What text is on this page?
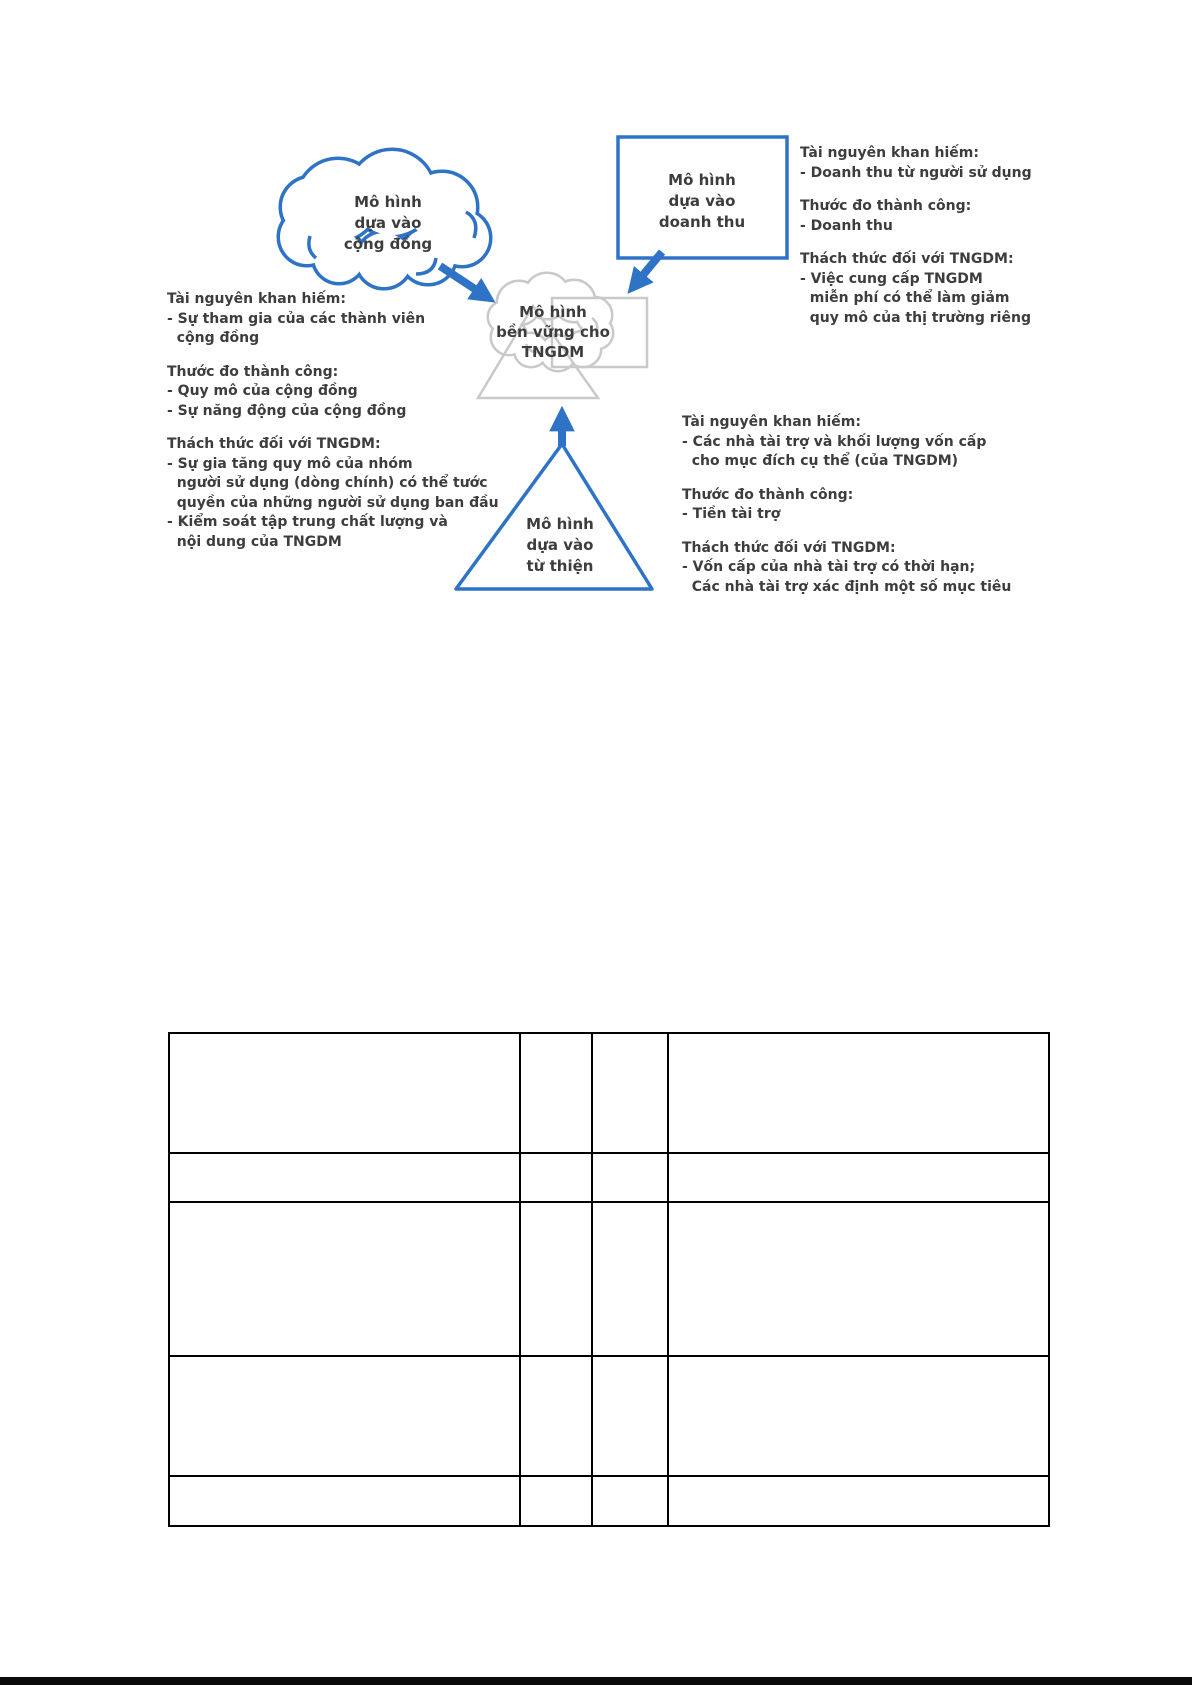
Mô hình
dựa vào
cộng đồng
Mô hình
dựa vào
doanh thu
Mô hình
bền vững cho
TNGDM
Mô hình
dựa vào
từ thiện
Tài nguyên khan hiếm:
- Sự tham gia của các thành viên
cộng đồng
Thước đo thành công:
- Quy mô của cộng đồng
- Sự năng động của cộng đồng
Thách thức đối với TNGDM:
- Sự gia tăng quy mô của nhóm
người sử dụng (dòng chính) có thể tước
quyền của những người sử dụng ban đầu
- Kiểm soát tập trung chất lượng và
nội dung của TNGDM
Tài nguyên khan hiếm:
- Doanh thu từ người sử dụng
Thước đo thành công:
- Doanh thu
Thách thức đối với TNGDM:
- Việc cung cấp TNGDM
miễn phí có thể làm giảm
quy mô của thị trường riêng
Tài nguyên khan hiếm:
- Các nhà tài trợ và khối lượng vốn cấp
cho mục đích cụ thể (của TNGDM)
Thước đo thành công:
- Tiền tài trợ
Thách thức đối với TNGDM:
- Vốn cấp của nhà tài trợ có thời hạn;
Các nhà tài trợ xác định một số mục tiêu
